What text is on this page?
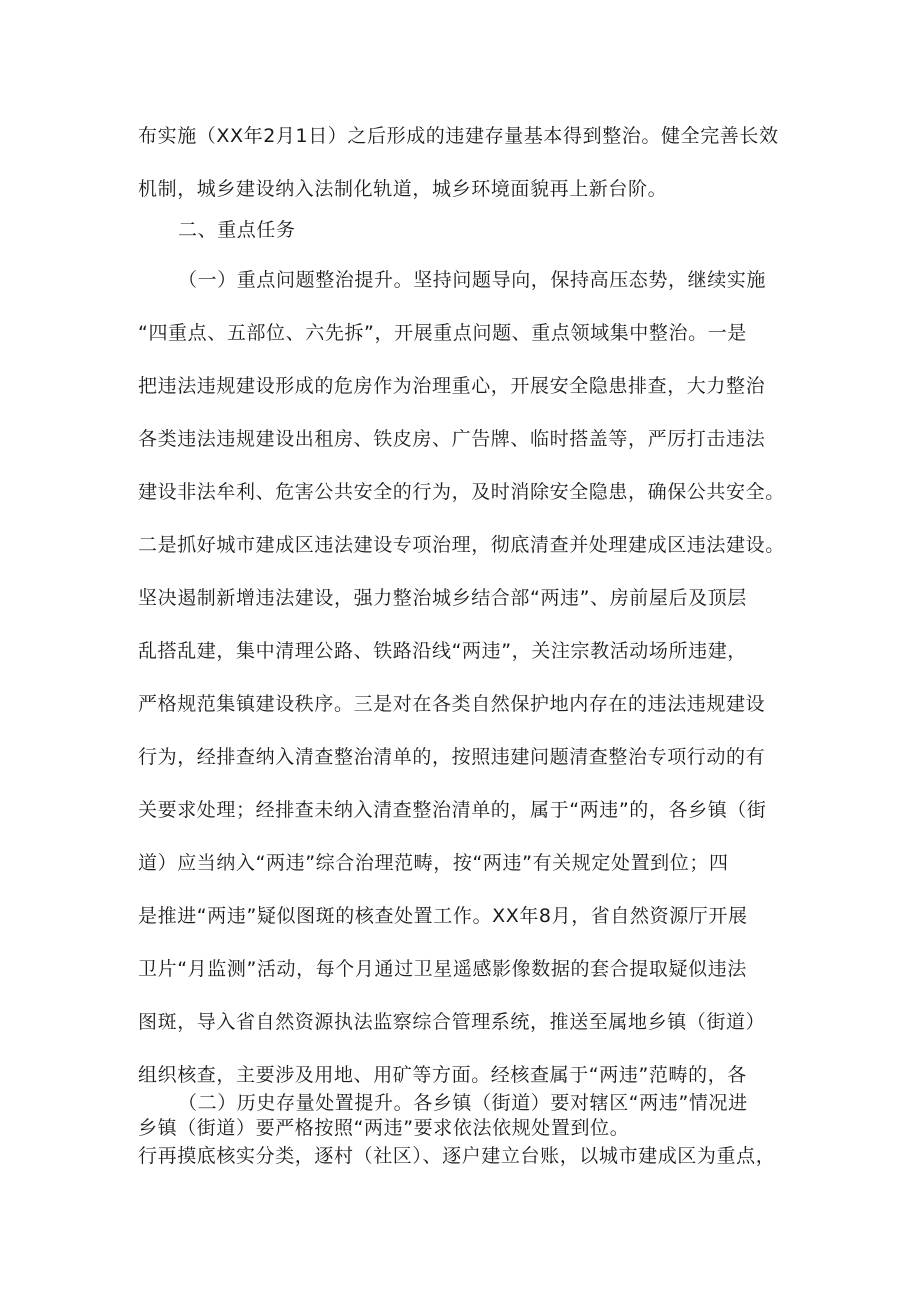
布实施（XX年2月1日）之后形成的违建存量基本得到整治。健全完善长效
机制，城乡建设纳入法制化轨道，城乡环境面貌再上新台阶。
二、重点任务
（一）重点问题整治提升。坚持问题导向，保持高压态势，继续实施
“四重点、五部位、六先拆”，开展重点问题、重点领域集中整治。一是
把违法违规建设形成的危房作为治理重心，开展安全隐患排查，大力整治
各类违法违规建设出租房、铁皮房、广告牌、临时搭盖等，严厉打击违法
建设非法牟利、危害公共安全的行为，及时消除安全隐患，确保公共安全。
二是抓好城市建成区违法建设专项治理，彻底清查并处理建成区违法建设。
坚决遏制新增违法建设，强力整治城乡结合部“两违”、房前屋后及顶层
乱搭乱建，集中清理公路、铁路沿线“两违”，关注宗教活动场所违建，
严格规范集镇建设秩序。三是对在各类自然保护地内存在的违法违规建设
行为，经排查纳入清查整治清单的，按照违建问题清查整治专项行动的有
关要求处理；经排查未纳入清查整治清单的，属于“两违”的，各乡镇（街
道）应当纳入“两违”综合治理范畴，按“两违”有关规定处置到位；四
是推进“两违”疑似图斑的核查处置工作。XX年8月，省自然资源厅开展
卫片“月监测”活动，每个月通过卫星遥感影像数据的套合提取疑似违法
图斑，导入省自然资源执法监察综合管理系统，推送至属地乡镇（街道）
组织核查，主要涉及用地、用矿等方面。经核查属于“两违”范畴的，各
乡镇（街道）要严格按照“两违”要求依法依规处置到位。
（二）历史存量处置提升。各乡镇（街道）要对辖区“两违”情况进
行再摸底核实分类，逐村（社区）、逐户建立台账，以城市建成区为重点，
